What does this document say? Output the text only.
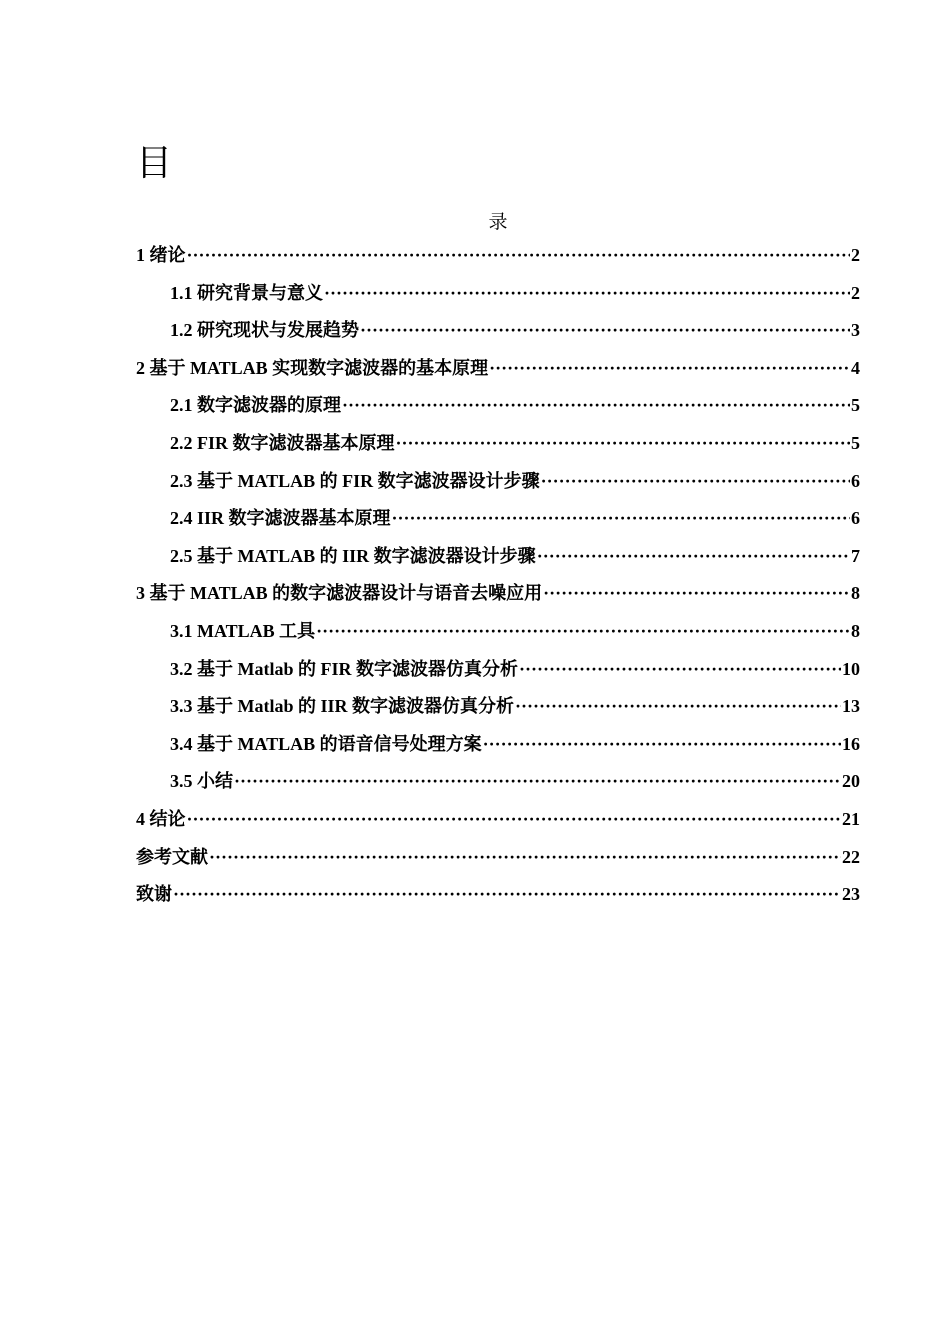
目
录
1 绪论 ·····	2
1.1 研究背景与意义 ·····	2
1.2 研究现状与发展趋势 ·····	3
2 基于 MATLAB 实现数字滤波器的基本原理 ·····	4
2.1 数字滤波器的原理 ·····	5
2.2 FIR 数字滤波器基本原理 ·····	5
2.3 基于 MATLAB 的 FIR 数字滤波器设计步骤 ·····	6
2.4 IIR 数字滤波器基本原理 ·····	6
2.5 基于 MATLAB 的 IIR 数字滤波器设计步骤 ·····	7
3 基于 MATLAB 的数字滤波器设计与语音去噪应用 ·····	8
3.1 MATLAB 工具 ·····	8
3.2 基于 Matlab 的 FIR 数字滤波器仿真分析 ·····	10
3.3 基于 Matlab 的 IIR 数字滤波器仿真分析 ·····	13
3.4 基于 MATLAB 的语音信号处理方案 ·····	16
3.5 小结 ·····	20
4 结论 ·····	21
参考文献 ·····	22
致谢 ·····	23
